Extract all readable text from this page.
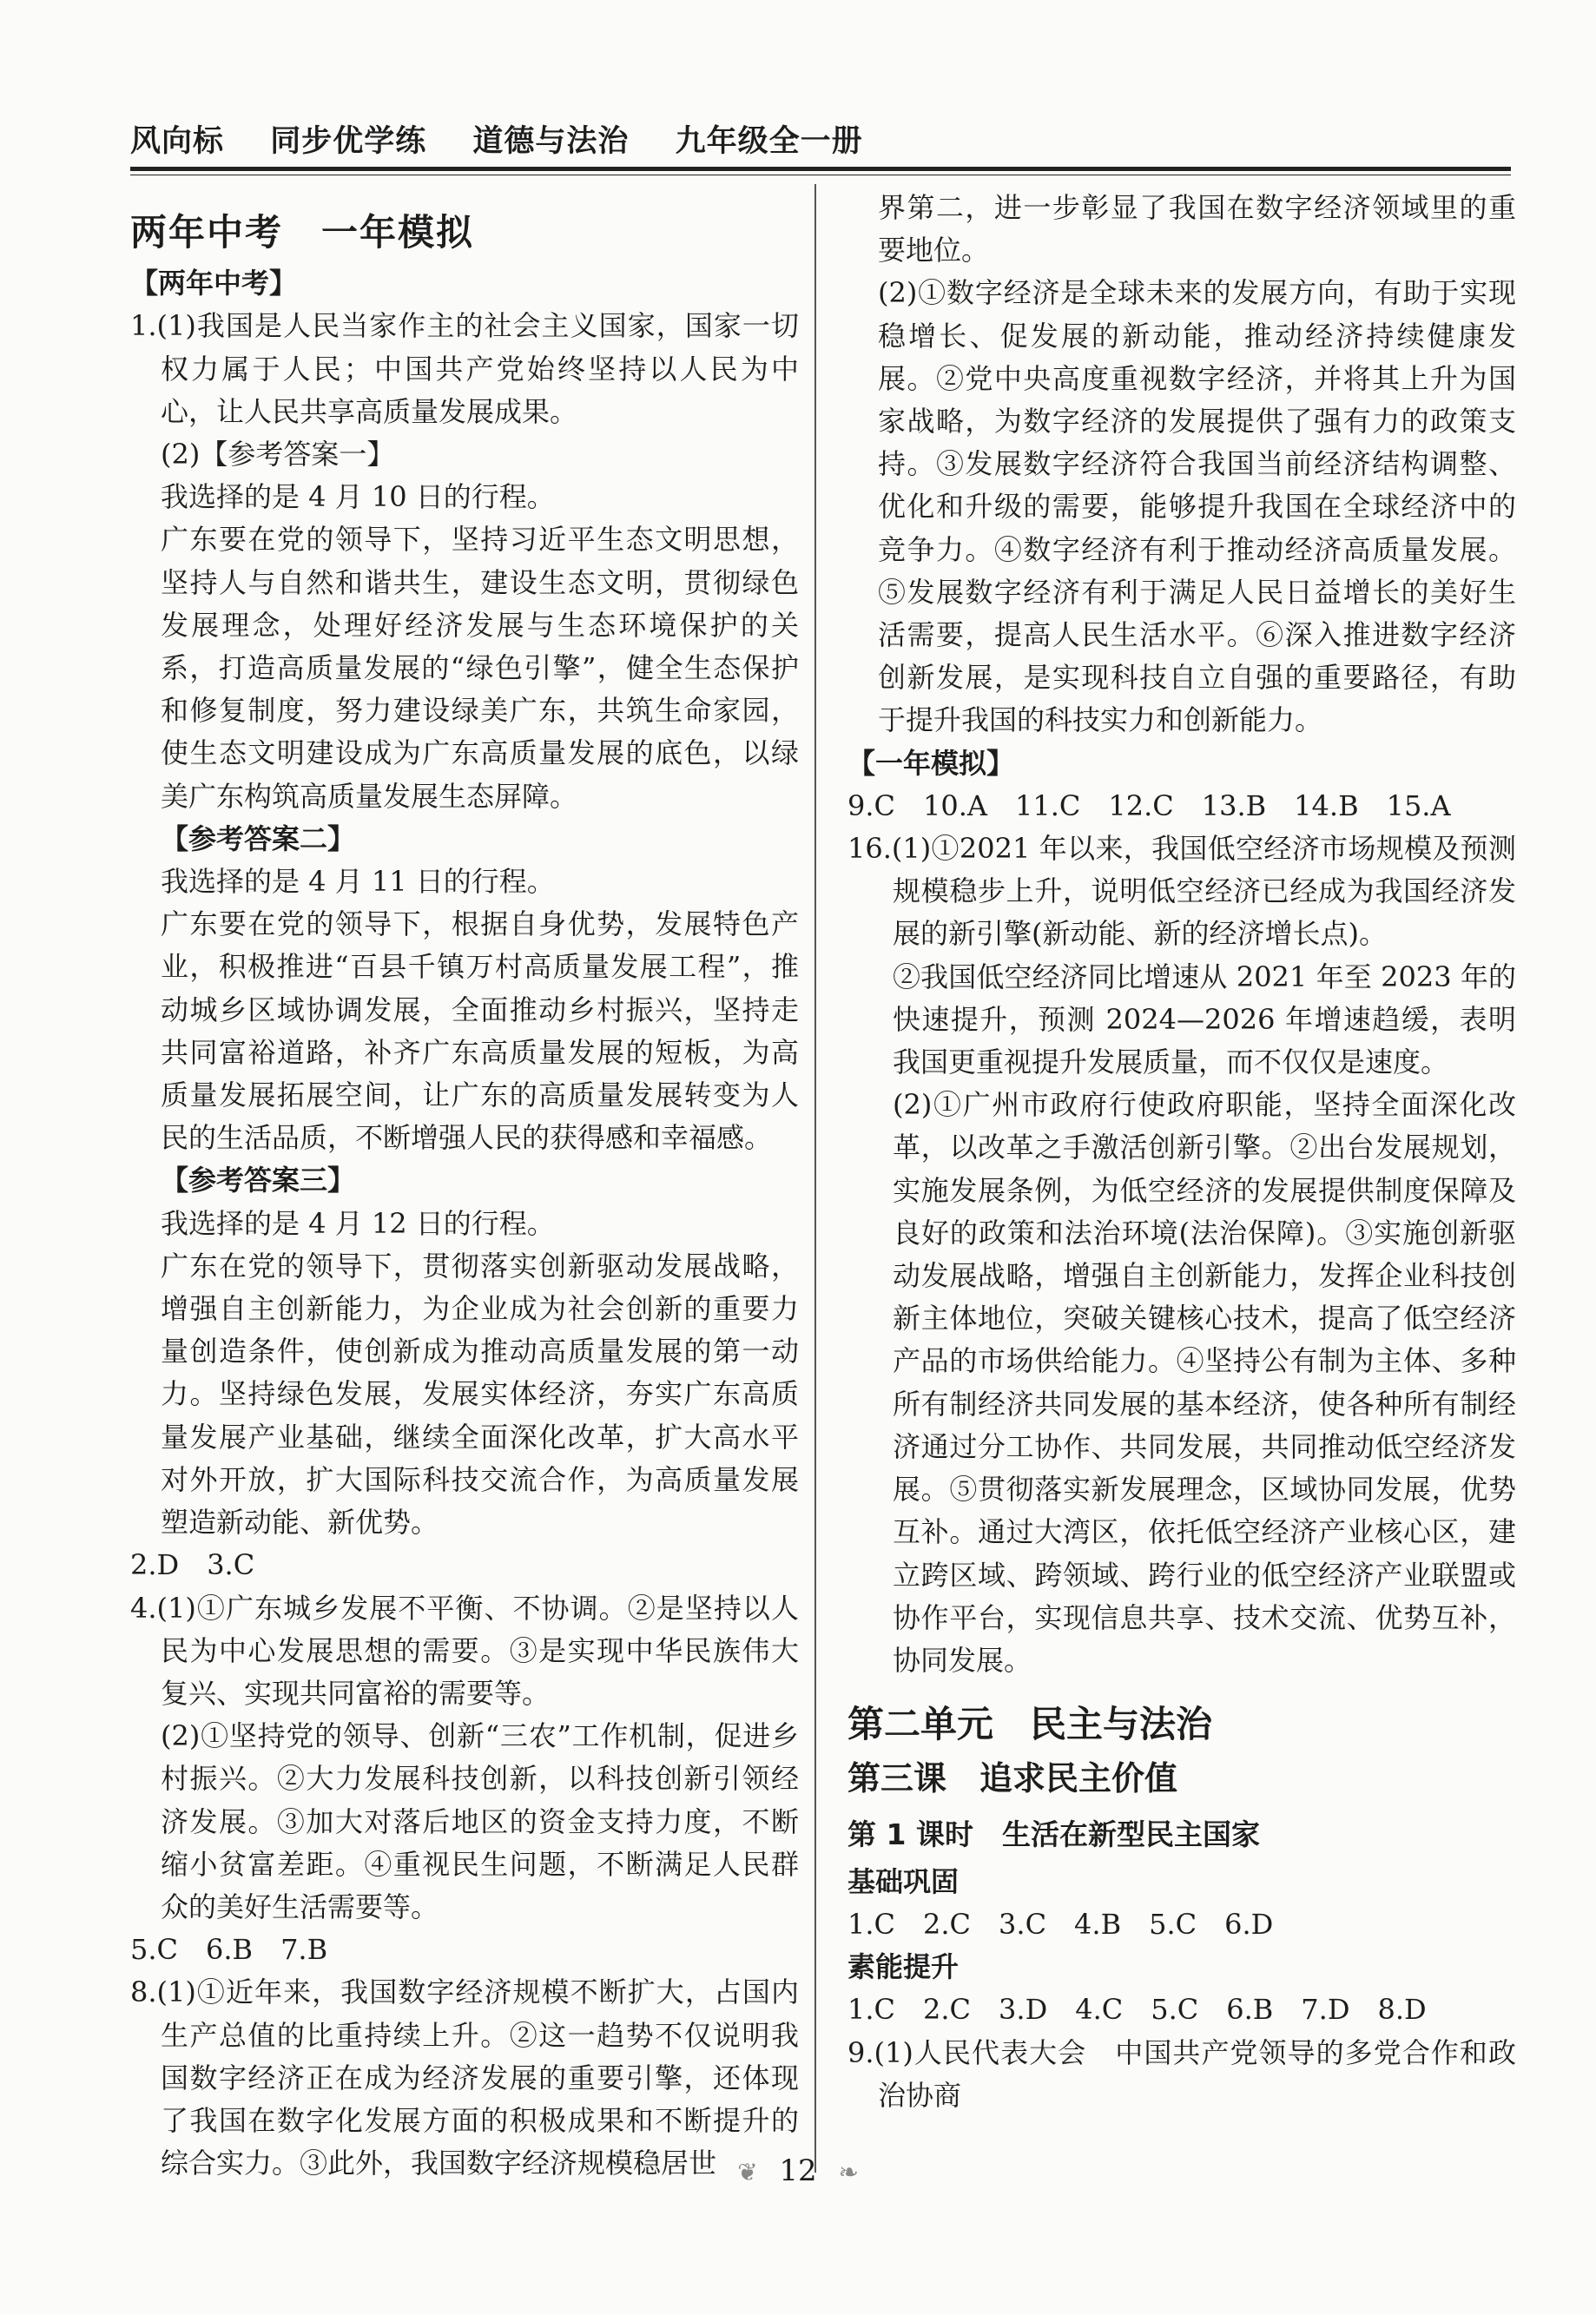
风向标 同步优学练 道德与法治 九年级全一册

两年中考　一年模拟

【两年中考】

1.(1)我国是人民当家作主的社会主义国家，国家一切权力属于人民；中国共产党始终坚持以人民为中心，让人民共享高质量发展成果。

(2)【参考答案一】

我选择的是 4 月 10 日的行程。

广东要在党的领导下，坚持习近平生态文明思想，坚持人与自然和谐共生，建设生态文明，贯彻绿色发展理念，处理好经济发展与生态环境保护的关系，打造高质量发展的“绿色引擎”，健全生态保护和修复制度，努力建设绿美广东，共筑生命家园，使生态文明建设成为广东高质量发展的底色，以绿美广东构筑高质量发展生态屏障。

【参考答案二】

我选择的是 4 月 11 日的行程。

广东要在党的领导下，根据自身优势，发展特色产业，积极推进“百县千镇万村高质量发展工程”，推动城乡区域协调发展，全面推动乡村振兴，坚持走共同富裕道路，补齐广东高质量发展的短板，为高质量发展拓展空间，让广东的高质量发展转变为人民的生活品质，不断增强人民的获得感和幸福感。

【参考答案三】

我选择的是 4 月 12 日的行程。

广东在党的领导下，贯彻落实创新驱动发展战略，增强自主创新能力，为企业成为社会创新的重要力量创造条件，使创新成为推动高质量发展的第一动力。坚持绿色发展，发展实体经济，夯实广东高质量发展产业基础，继续全面深化改革，扩大高水平对外开放，扩大国际科技交流合作，为高质量发展塑造新动能、新优势。

2.D　3.C

4.(1)①广东城乡发展不平衡、不协调。②是坚持以人民为中心发展思想的需要。③是实现中华民族伟大复兴、实现共同富裕的需要等。

(2)①坚持党的领导、创新“三农”工作机制，促进乡村振兴。②大力发展科技创新，以科技创新引领经济发展。③加大对落后地区的资金支持力度，不断缩小贫富差距。④重视民生问题，不断满足人民群众的美好生活需要等。

5.C　6.B　7.B

8.(1)①近年来，我国数字经济规模不断扩大，占国内生产总值的比重持续上升。②这一趋势不仅说明我国数字经济正在成为经济发展的重要引擎，还体现了我国在数字化发展方面的积极成果和不断提升的综合实力。③此外，我国数字经济规模稳居世

界第二，进一步彰显了我国在数字经济领域里的重要地位。

(2)①数字经济是全球未来的发展方向，有助于实现稳增长、促发展的新动能，推动经济持续健康发展。②党中央高度重视数字经济，并将其上升为国家战略，为数字经济的发展提供了强有力的政策支持。③发展数字经济符合我国当前经济结构调整、优化和升级的需要，能够提升我国在全球经济中的竞争力。④数字经济有利于推动经济高质量发展。⑤发展数字经济有利于满足人民日益增长的美好生活需要，提高人民生活水平。⑥深入推进数字经济创新发展，是实现科技自立自强的重要路径，有助于提升我国的科技实力和创新能力。

【一年模拟】

9.C　10.A　11.C　12.C　13.B　14.B　15.A

16.(1)①2021 年以来，我国低空经济市场规模及预测规模稳步上升，说明低空经济已经成为我国经济发展的新引擎(新动能、新的经济增长点)。

②我国低空经济同比增速从 2021 年至 2023 年的快速提升，预测 2024—2026 年增速趋缓，表明我国更重视提升发展质量，而不仅仅是速度。

(2)①广州市政府行使政府职能，坚持全面深化改革，以改革之手激活创新引擎。②出台发展规划，实施发展条例，为低空经济的发展提供制度保障及良好的政策和法治环境(法治保障)。③实施创新驱动发展战略，增强自主创新能力，发挥企业科技创新主体地位，突破关键核心技术，提高了低空经济产品的市场供给能力。④坚持公有制为主体、多种所有制经济共同发展的基本经济，使各种所有制经济通过分工协作、共同发展，共同推动低空经济发展。⑤贯彻落实新发展理念，区域协同发展，优势互补。通过大湾区，依托低空经济产业核心区，建立跨区域、跨领域、跨行业的低空经济产业联盟或协作平台，实现信息共享、技术交流、优势互补，协同发展。

第二单元　民主与法治

第三课　追求民主价值

第 1 课时　生活在新型民主国家

基础巩固

1.C　2.C　3.C　4.B　5.C　6.D

素能提升

1.C　2.C　3.D　4.C　5.C　6.B　7.D　8.D

9.(1)人民代表大会　中国共产党领导的多党合作和政治协商

❦ 12 ❧
